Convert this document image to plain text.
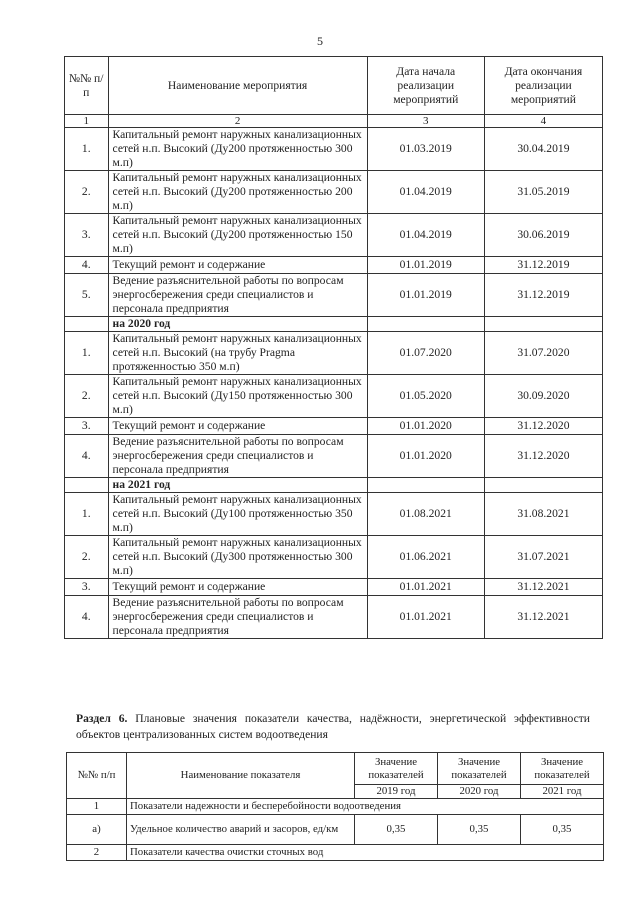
5
№№ п/п	Наименование мероприятия	Дата начала реализации мероприятий	Дата окончания реализации мероприятий
1	2	3	4
1.	Капитальный ремонт наружных канализационных сетей н.п. Высокий (Ду200 протяженностью 300 м.п)	01.03.2019	30.04.2019
2.	Капитальный ремонт наружных канализационных сетей н.п. Высокий (Ду200 протяженностью 200 м.п)	01.04.2019	31.05.2019
3.	Капитальный ремонт наружных канализационных сетей н.п. Высокий (Ду200 протяженностью 150 м.п)	01.04.2019	30.06.2019
4.	Текущий ремонт и содержание	01.01.2019	31.12.2019
5.	Ведение разъяснительной работы по вопросам энергосбережения среди специалистов и персонала предприятия	01.01.2019	31.12.2019
	на 2020 год		
1.	Капитальный ремонт наружных канализационных сетей н.п. Высокий (на трубу Pragma протяженностью 350 м.п)	01.07.2020	31.07.2020
2.	Капитальный ремонт наружных канализационных сетей н.п. Высокий (Ду150 протяженностью 300 м.п)	01.05.2020	30.09.2020
3.	Текущий ремонт и содержание	01.01.2020	31.12.2020
4.	Ведение разъяснительной работы по вопросам энергосбережения среди специалистов и персонала предприятия	01.01.2020	31.12.2020
	на 2021 год		
1.	Капитальный ремонт наружных канализационных сетей н.п. Высокий (Ду100 протяженностью 350 м.п)	01.08.2021	31.08.2021
2.	Капитальный ремонт наружных канализационных сетей н.п. Высокий (Ду300 протяженностью 300 м.п)	01.06.2021	31.07.2021
3.	Текущий ремонт и содержание	01.01.2021	31.12.2021
4.	Ведение разъяснительной работы по вопросам энергосбережения среди специалистов и персонала предприятия	01.01.2021	31.12.2021
Раздел 6. Плановые значения показатели качества, надёжности, энергетической эффективности объектов централизованных систем водоотведения
№№ п/п	Наименование показателя	Значение показателей	Значение показателей	Значение показателей
		2019 год	2020 год	2021 год
1	Показатели надежности и бесперебойности водоотведения			
а)	Удельное количество аварий и засоров, ед/км	0,35	0,35	0,35
2	Показатели качества очистки сточных вод			
